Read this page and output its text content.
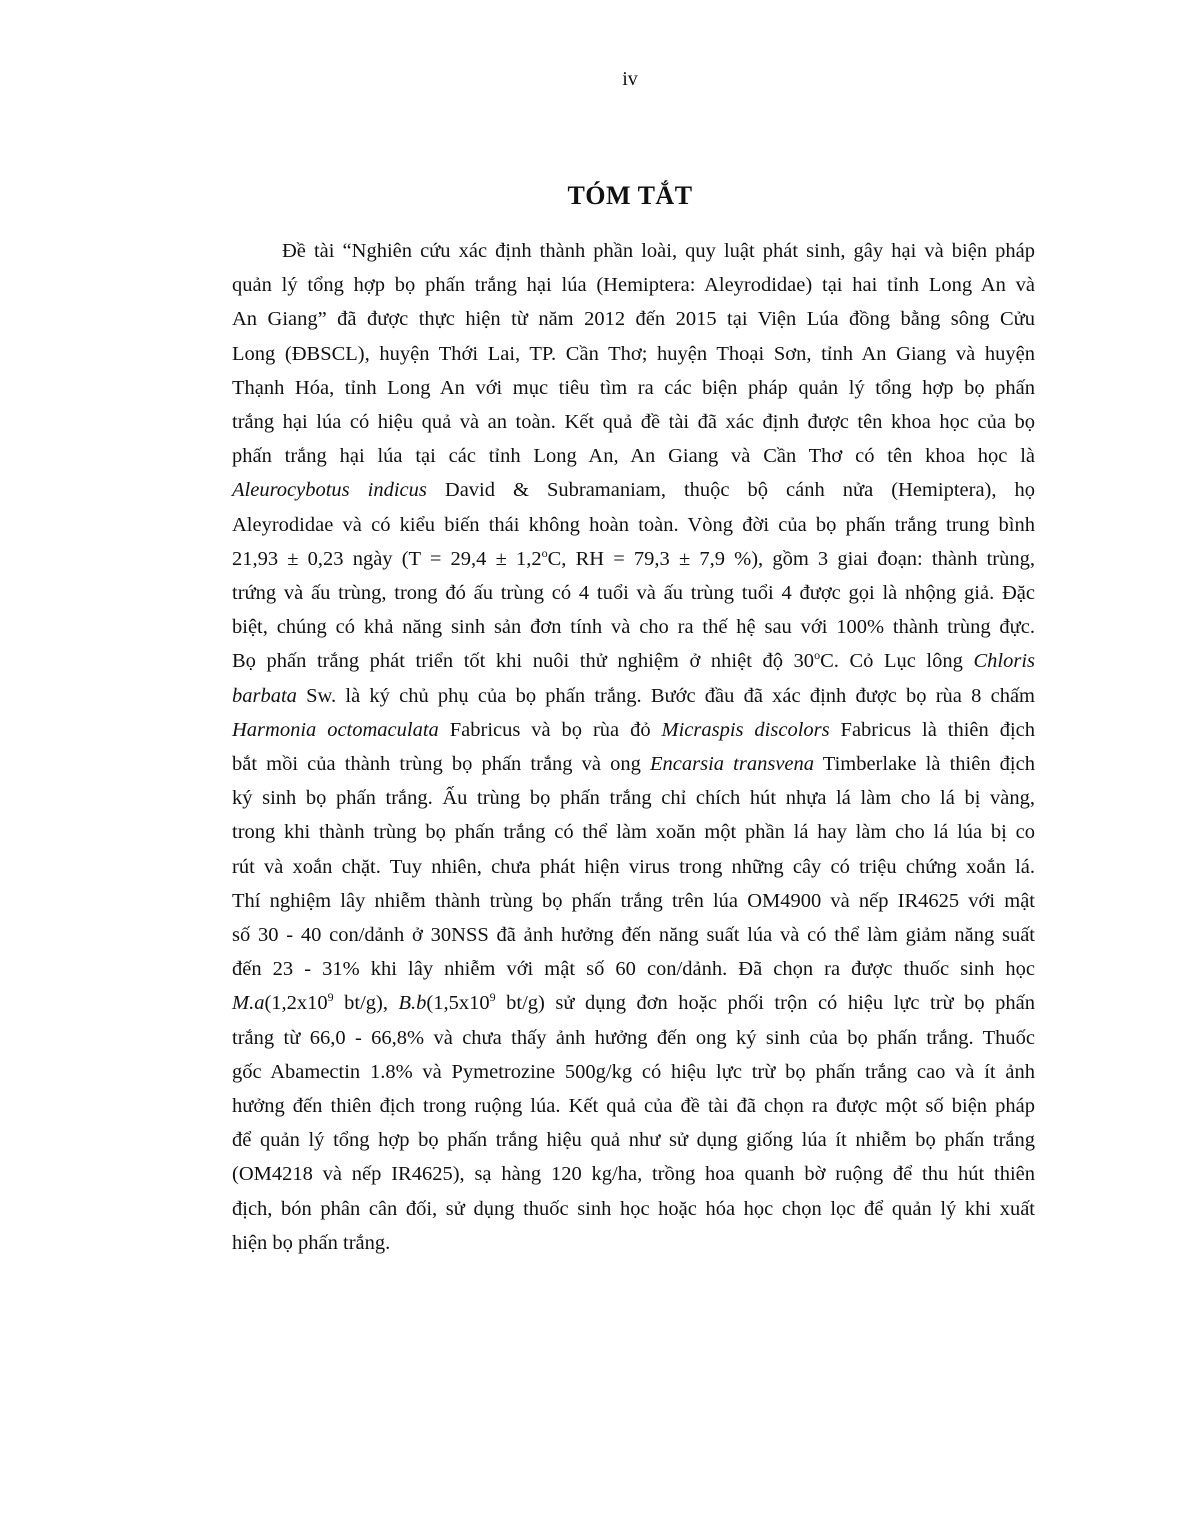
iv
TÓM TẮT
Đề tài “Nghiên cứu xác định thành phần loài, quy luật phát sinh, gây hại và biện pháp
quản lý tổng hợp bọ phấn trắng hại lúa (Hemiptera: Aleyrodidae) tại hai tỉnh Long An và
An Giang” đã được thực hiện từ năm 2012 đến 2015 tại Viện Lúa đồng bằng sông Cửu
Long (ĐBSCL), huyện Thới Lai, TP. Cần Thơ; huyện Thoại Sơn, tỉnh An Giang và huyện
Thạnh Hóa, tỉnh Long An với mục tiêu tìm ra các biện pháp quản lý tổng hợp bọ phấn
trắng hại lúa có hiệu quả và an toàn. Kết quả đề tài đã xác định được tên khoa học của bọ
phấn trắng hại lúa tại các tỉnh Long An, An Giang và Cần Thơ có tên khoa học là
Aleurocybotus indicus David & Subramaniam, thuộc bộ cánh nửa (Hemiptera), họ
Aleyrodidae và có kiểu biến thái không hoàn toàn. Vòng đời của bọ phấn trắng trung bình
21,93 ± 0,23 ngày ($T = 29,4 \pm 1,2^oC$, RH = 79,3 ± 7,9 %), gồm 3 giai đoạn: thành trùng,
trứng và ấu trùng, trong đó ấu trùng có 4 tuổi và ấu trùng tuổi 4 được gọi là nhộng giả. Đặc
biệt, chúng có khả năng sinh sản đơn tính và cho ra thế hệ sau với 100% thành trùng đực.
Bọ phấn trắng phát triển tốt khi nuôi thử nghiệm ở nhiệt độ 30$^o$C. Cỏ Lục lông Chloris
barbata Sw. là ký chủ phụ của bọ phấn trắng. Bước đầu đã xác định được bọ rùa 8 chấm
Harmonia octomaculata Fabricus và bọ rùa đỏ Micraspis discolors Fabricus là thiên địch
bắt mồi của thành trùng bọ phấn trắng và ong Encarsia transvena Timberlake là thiên địch
ký sinh bọ phấn trắng. Ấu trùng bọ phấn trắng chỉ chích hút nhựa lá làm cho lá bị vàng,
trong khi thành trùng bọ phấn trắng có thể làm xoăn một phần lá hay làm cho lá lúa bị co
rút và xoắn chặt. Tuy nhiên, chưa phát hiện virus trong những cây có triệu chứng xoắn lá.
Thí nghiệm lây nhiễm thành trùng bọ phấn trắng trên lúa OM4900 và nếp IR4625 với mật
số 30 - 40 con/dảnh ở 30NSS đã ảnh hưởng đến năng suất lúa và có thể làm giảm năng suất
đến 23 - 31% khi lây nhiễm với mật số 60 con/dảnh. Đã chọn ra được thuốc sinh học
$M.a(1,2x10^9$ bt/g), $B.b(1,5x10^9$ bt/g) sử dụng đơn hoặc phối trộn có hiệu lực trừ bọ phấn
trắng từ 66,0 - 66,8% và chưa thấy ảnh hưởng đến ong ký sinh của bọ phấn trắng. Thuốc
gốc Abamectin 1.8% và Pymetrozine 500g/kg có hiệu lực trừ bọ phấn trắng cao và ít ảnh
hưởng đến thiên địch trong ruộng lúa. Kết quả của đề tài đã chọn ra được một số biện pháp
để quản lý tổng hợp bọ phấn trắng hiệu quả như sử dụng giống lúa ít nhiễm bọ phấn trắng
(OM4218 và nếp IR4625), sạ hàng 120 kg/ha, trồng hoa quanh bờ ruộng để thu hút thiên
địch, bón phân cân đối, sử dụng thuốc sinh học hoặc hóa học chọn lọc để quản lý khi xuất
hiện bọ phấn trắng.
